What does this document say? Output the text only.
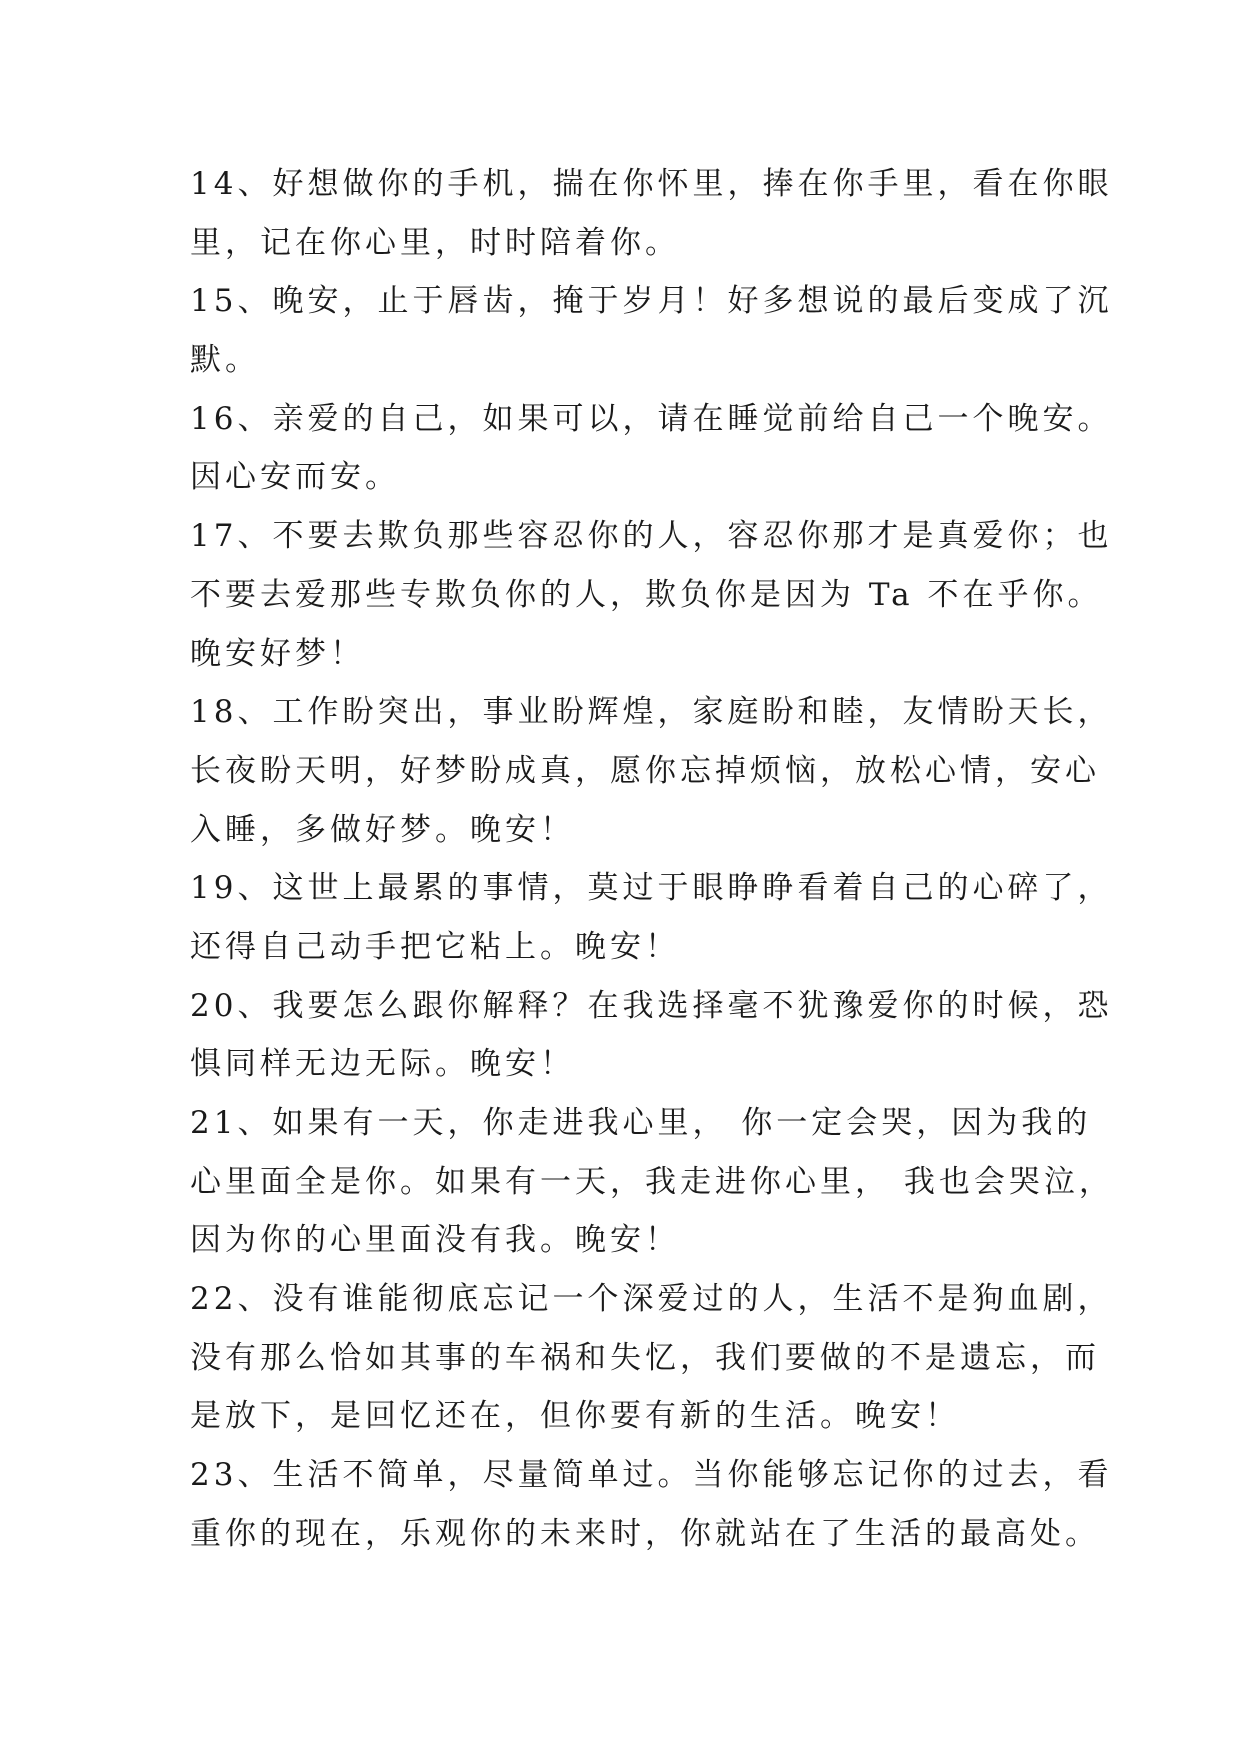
14、好想做你的手机，揣在你怀里，捧在你手里，看在你眼
里，记在你心里，时时陪着你。
15、晚安，止于唇齿，掩于岁月！好多想说的最后变成了沉
默。
16、亲爱的自己，如果可以，请在睡觉前给自己一个晚安。
因心安而安。
17、不要去欺负那些容忍你的人，容忍你那才是真爱你；也
不要去爱那些专欺负你的人，欺负你是因为 Ta 不在乎你。
晚安好梦！
18、工作盼突出，事业盼辉煌，家庭盼和睦，友情盼天长，
长夜盼天明，好梦盼成真，愿你忘掉烦恼，放松心情，安心
入睡，多做好梦。晚安！
19、这世上最累的事情，莫过于眼睁睁看着自己的心碎了，
还得自己动手把它粘上。晚安！
20、我要怎么跟你解释？在我选择毫不犹豫爱你的时候，恐
惧同样无边无际。晚安！
21、如果有一天，你走进我心里， 你一定会哭，因为我的
心里面全是你。如果有一天，我走进你心里， 我也会哭泣，
因为你的心里面没有我。晚安！
22、没有谁能彻底忘记一个深爱过的人，生活不是狗血剧，
没有那么恰如其事的车祸和失忆，我们要做的不是遗忘，而
是放下，是回忆还在，但你要有新的生活。晚安！
23、生活不简单，尽量简单过。当你能够忘记你的过去，看
重你的现在，乐观你的未来时，你就站在了生活的最高处。
